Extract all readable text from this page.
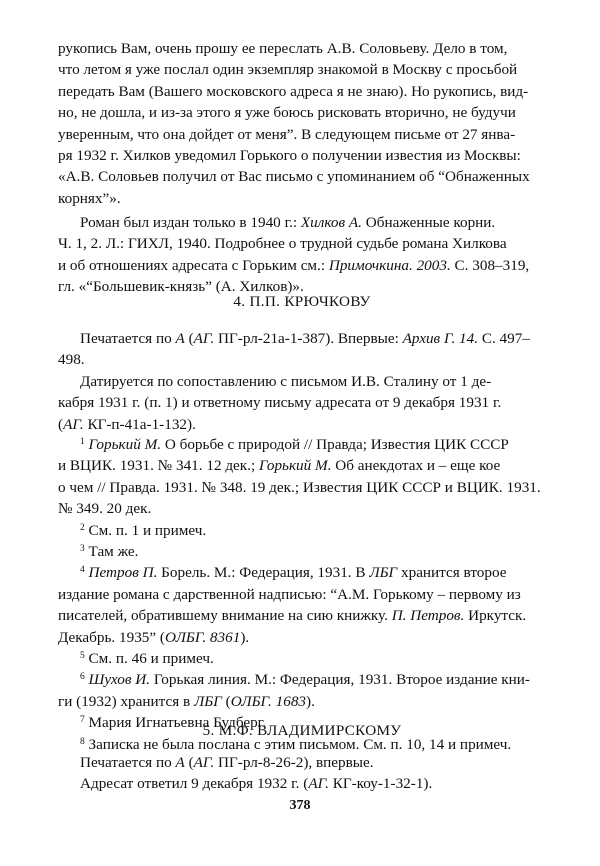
рукопись Вам, очень прошу ее переслать А.В. Соловьеву. Дело в том,

что летом я уже послал один экземпляр знакомой в Москву с просьбой

передать Вам (Вашего московского адреса я не знаю). Но рукопись, вид-

но, не дошла, и из-за этого я уже боюсь рисковать вторично, не будучи

уверенным, что она дойдет от меня”. В следующем письме от 27 янва-

ря 1932 г. Хилков уведомил Горького о получении известия из Москвы:

«А.В. Соловьев получил от Вас письмо с упоминанием об “Обнаженных

корнях”».

Роман был издан только в 1940 г.: Хилков А. Обнаженные корни.

Ч. 1, 2. Л.: ГИХЛ, 1940. Подробнее о трудной судьбе романа Хилкова

и об отношениях адресата с Горьким см.: Примочкина. 2003. С. 308–319,

гл. «“Большевик-князь” (А. Хилков)».

4. П.П. КРЮЧКОВУ

Печатается по А (АГ. ПГ-рл-21а-1-387). Впервые: Архив Г. 14. С. 497–

498.

Датируется по сопоставлению с письмом И.В. Сталину от 1 де-

кабря 1931 г. (п. 1) и ответному письму адресата от 9 декабря 1931 г.

(АГ. КГ-п-41а-1-132).

$^1$ Горький М. О борьбе с природой // Правда; Известия ЦИК СССР

и ВЦИК. 1931. № 341. 12 дек.; Горький М. Об анекдотах и – еще кое

о чем // Правда. 1931. № 348. 19 дек.; Известия ЦИК СССР и ВЦИК. 1931.

№ 349. 20 дек.

$^2$ См. п. 1 и примеч.

$^3$ Там же.

$^4$ Петров П. Борель. М.: Федерация, 1931. В ЛБГ хранится второе

издание романа с дарственной надписью: “А.М. Горькому – первому из

писателей, обратившему внимание на сию книжку. П. Петров. Иркутск.

Декабрь. 1935” (ОЛБГ. 8361).

$^5$ См. п. 46 и примеч.

$^6$ Шухов И. Горькая линия. М.: Федерация, 1931. Второе издание кни-

ги (1932) хранится в ЛБГ (ОЛБГ. 1683).

$^7$ Мария Игнатьевна Будберг.

$^8$ Записка не была послана с этим письмом. См. п. 10, 14 и примеч.

5. М.Ф. ВЛАДИМИРСКОМУ

Печатается по А (АГ. ПГ-рл-8-26-2), впервые.

Адресат ответил 9 декабря 1932 г. (АГ. КГ-коу-1-32-1).

378
